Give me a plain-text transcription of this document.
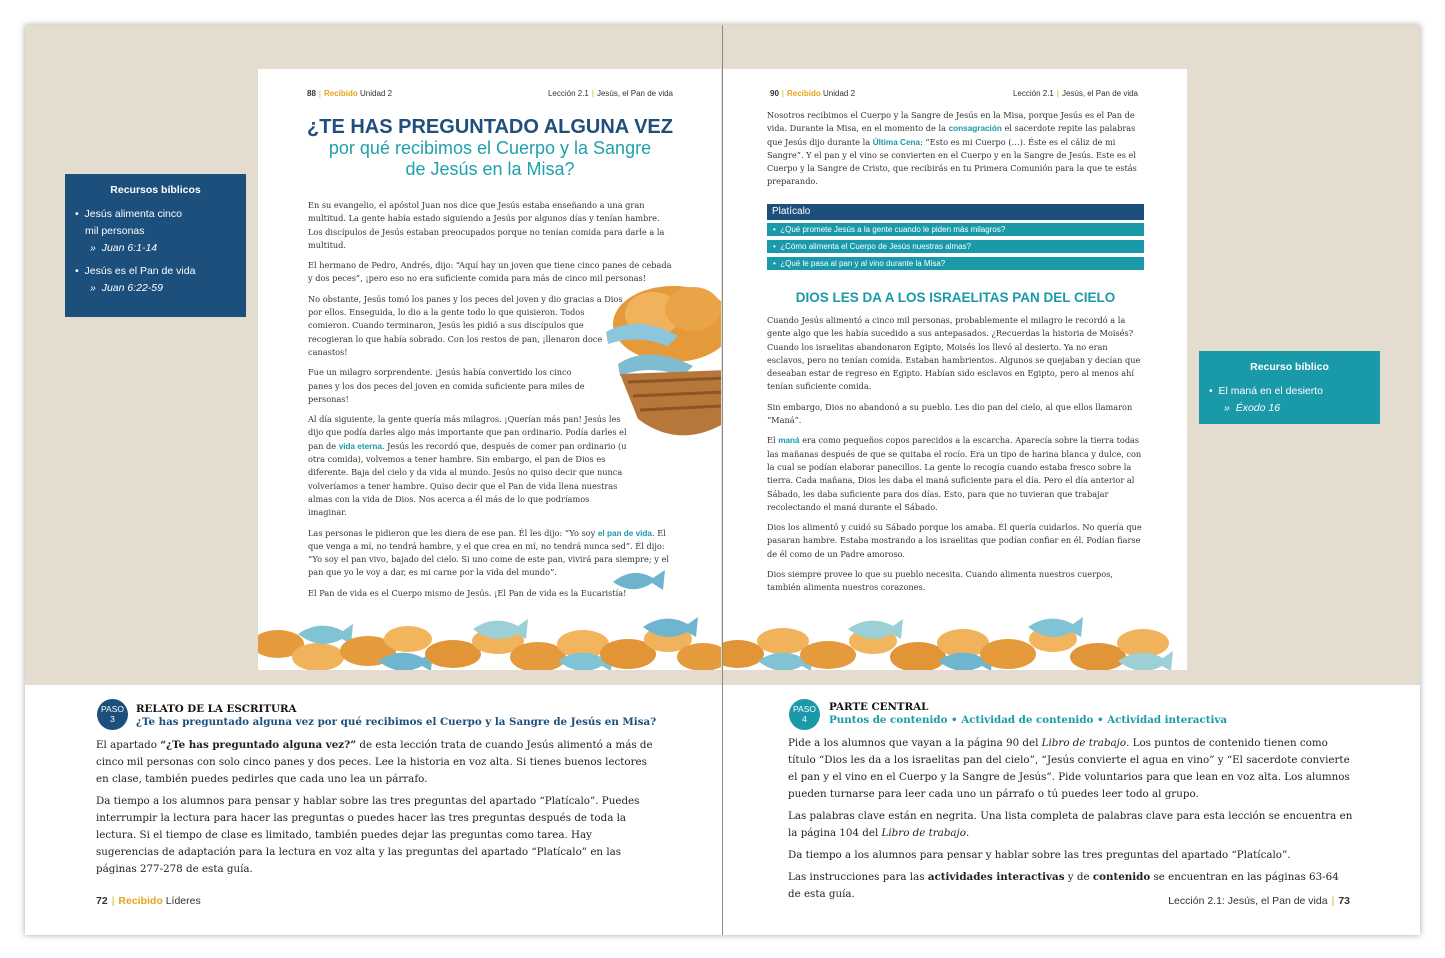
Recursos bíblicos
•  Jesús alimenta cinco
mil personas
»  Juan 6:1-14
•  Jesús es el Pan de vida
»  Juan 6:22-59
Recurso bíblico
•  El maná en el desierto
»  Éxodo 16
88 | Recibido Unidad 2	Lección 2.1 | Jesús, el Pan de vida
¿TE HAS PREGUNTADO ALGUNA VEZ
por qué recibimos el Cuerpo y la Sangre
de Jesús en la Misa?

En su evangelio, el apóstol Juan nos dice que Jesús estaba enseñando a una gran multitud. La gente había estado siguiendo a Jesús por algunos días y tenían hambre. Los discípulos de Jesús estaban preocupados porque no tenían comida para darle a la multitud.

El hermano de Pedro, Andrés, dijo: “Aquí hay un joven que tiene cinco panes de cebada y dos peces”, ¡pero eso no era suficiente comida para más de cinco mil personas!

No obstante, Jesús tomó los panes y los peces del joven y dio gracias a Dios por ellos. Enseguida, lo dio a la gente todo lo que quisieron. Todos comieron. Cuando terminaron, Jesús les pidió a sus discípulos que recogieran lo que había sobrado. Con los restos de pan, ¡llenaron doce canastos!

Fue un milagro sorprendente. ¡Jesús había convertido los cinco panes y los dos peces del joven en comida suficiente para miles de personas!

Al día siguiente, la gente quería más milagros. ¡Querían más pan! Jesús les dijo que podía darles algo más importante que pan ordinario. Podía darles el pan de vida eterna. Jesús les recordó que, después de comer pan ordinario (u otra comida), volvemos a tener hambre. Sin embargo, el pan de Dios es diferente. Baja del cielo y da vida al mundo. Jesús no quiso decir que nunca volveríamos a tener hambre. Quiso decir que el Pan de vida llena nuestras almas con la vida de Dios. Nos acerca a él más de lo que podríamos imaginar.

Las personas le pidieron que les diera de ese pan. Él les dijo: “Yo soy el pan de vida. El que venga a mí, no tendrá hambre, y el que crea en mí, no tendrá nunca sed”. Él dijo: “Yo soy el pan vivo, bajado del cielo. Si uno come de este pan, vivirá para siempre; y el pan que yo le voy a dar, es mi carne por la vida del mundo”.

El Pan de vida es el Cuerpo mismo de Jesús. ¡El Pan de vida es la Eucaristía!

90 | Recibido Unidad 2	Lección 2.1 | Jesús, el Pan de vida

Nosotros recibimos el Cuerpo y la Sangre de Jesús en la Misa, porque Jesús es el Pan de vida. Durante la Misa, en el momento de la consagración el sacerdote repite las palabras que Jesús dijo durante la Última Cena: “Esto es mi Cuerpo (…). Éste es el cáliz de mi Sangre”. Y el pan y el vino se convierten en el Cuerpo y en la Sangre de Jesús. Este es el Cuerpo y la Sangre de Cristo, que recibirás en tu Primera Comunión para la que te estás preparando.

Platícalo
•  ¿Qué promete Jesús a la gente cuando le piden más milagros?
•  ¿Cómo alimenta el Cuerpo de Jesús nuestras almas?
•  ¿Qué le pasa al pan y al vino durante la Misa?
DIOS LES DA A LOS ISRAELITAS PAN DEL CIELO

Cuando Jesús alimentó a cinco mil personas, probablemente el milagro le recordó a la gente algo que les había sucedido a sus antepasados. ¿Recuerdas la historia de Moisés? Cuando los israelitas abandonaron Egipto, Moisés los llevó al desierto. Ya no eran esclavos, pero no tenían comida. Estaban hambrientos. Algunos se quejaban y decían que deseaban estar de regreso en Egipto. Habían sido esclavos en Egipto, pero al menos ahí tenían suficiente comida.

Sin embargo, Dios no abandonó a su pueblo. Les dio pan del cielo, al que ellos llamaron “Maná”.

El maná era como pequeños copos parecidos a la escarcha. Aparecía sobre la tierra todas las mañanas después de que se quitaba el rocío. Era un tipo de harina blanca y dulce, con la cual se podían elaborar panecillos. La gente lo recogía cuando estaba fresco sobre la tierra. Cada mañana, Dios les daba el maná suficiente para el día. Pero el día anterior al Sábado, les daba suficiente para dos días. Esto, para que no tuvieran que trabajar recolectando el maná durante el Sábado.

Dios los alimentó y cuidó su Sábado porque los amaba. Él quería cuidarlos. No quería que pasaran hambre. Estaba mostrando a los israelitas que podían confiar en él. Podían fiarse de él como de un Padre amoroso.

Dios siempre provee lo que su pueblo necesita. Cuando alimenta nuestros cuerpos, también alimenta nuestros corazones.

PASO
3
RELATO DE LA ESCRITURA
¿Te has preguntado alguna vez por qué recibimos el Cuerpo y la Sangre de Jesús en Misa?

El apartado “¿Te has preguntado alguna vez?” de esta lección trata de cuando Jesús alimentó a más de cinco mil personas con solo cinco panes y dos peces. Lee la historia en voz alta. Si tienes buenos lectores en clase, también puedes pedirles que cada uno lea un párrafo.

Da tiempo a los alumnos para pensar y hablar sobre las tres preguntas del apartado “Platícalo”. Puedes interrumpir la lectura para hacer las preguntas o puedes hacer las tres preguntas después de toda la lectura. Si el tiempo de clase es limitado, también puedes dejar las preguntas como tarea. Hay sugerencias de adaptación para la lectura en voz alta y las preguntas del apartado “Platícalo” en las páginas 277-278 de esta guía.

PASO
4
PARTE CENTRAL
Puntos de contenido • Actividad de contenido • Actividad interactiva

Pide a los alumnos que vayan a la página 90 del Libro de trabajo. Los puntos de contenido tienen como título “Dios les da a los israelitas pan del cielo”, “Jesús convierte el agua en vino” y “El sacerdote convierte el pan y el vino en el Cuerpo y la Sangre de Jesús”. Pide voluntarios para que lean en voz alta. Los alumnos pueden turnarse para leer cada uno un párrafo o tú puedes leer todo al grupo.

Las palabras clave están en negrita. Una lista completa de palabras clave para esta lección se encuentra en la página 104 del Libro de trabajo.

Da tiempo a los alumnos para pensar y hablar sobre las tres preguntas del apartado “Platícalo”.

Las instrucciones para las actividades interactivas y de contenido se encuentran en las páginas 63-64 de esta guía.

72 | Recibido Líderes	Lección 2.1: Jesús, el Pan de vida | 73
